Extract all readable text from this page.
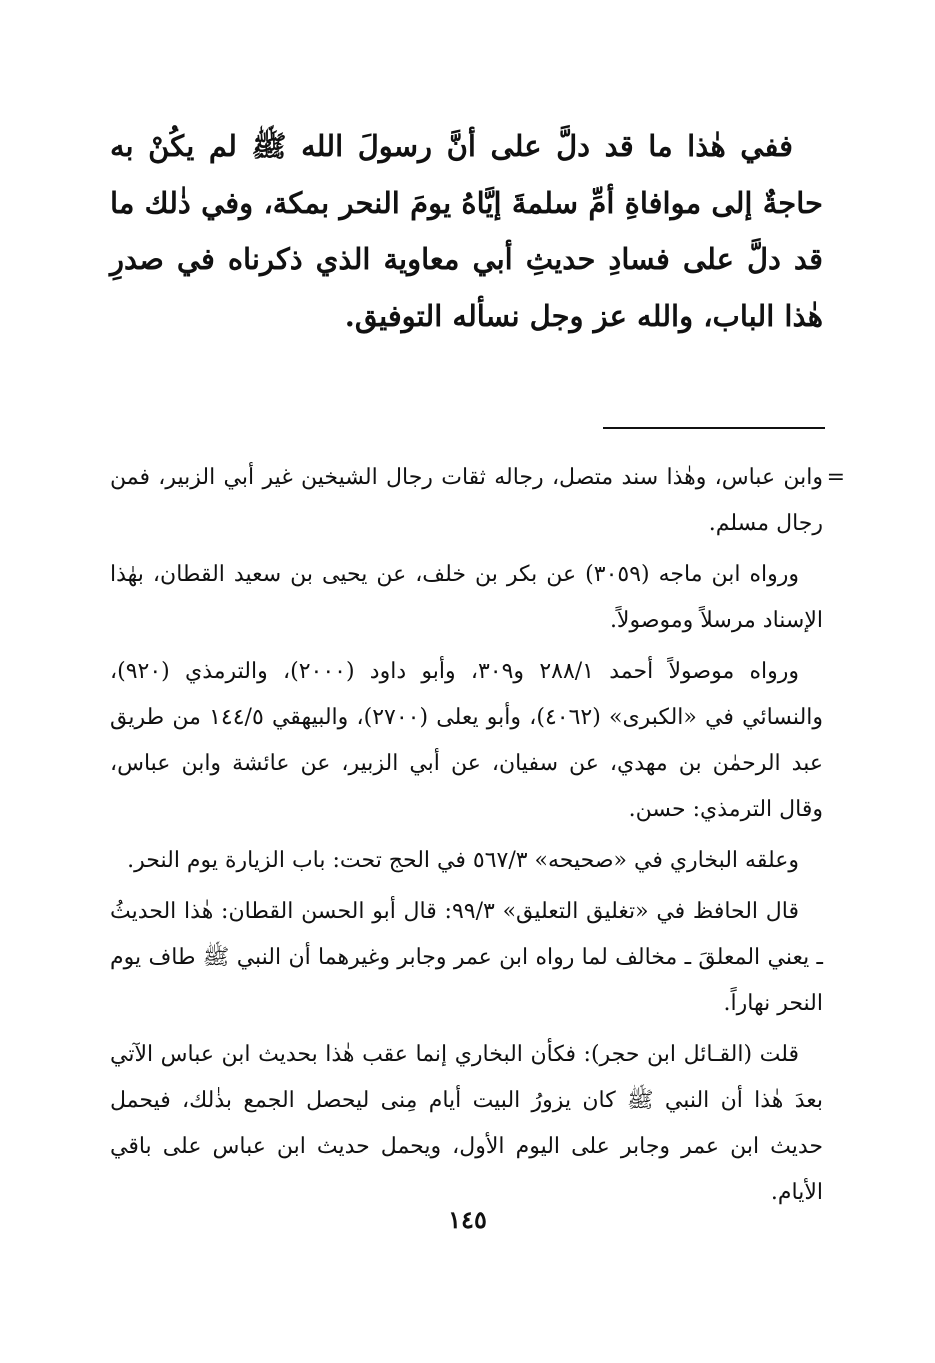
ففي هٰذا ما قد دلَّ على أنَّ رسولَ الله ﷺ لم يكُنْ به حاجةٌ إلى موافاةِ أمِّ سلمةَ إيَّاهُ يومَ النحر بمكة، وفي ذٰلك ما قد دلَّ على فسادِ حديثِ أبي معاوية الذي ذكرناه في صدرِ هٰذا الباب، والله عز وجل نسأله التوفيق.

=

وابن عباس، وهٰذا سند متصل، رجاله ثقات رجال الشيخين غير أبي الزبير، فمن رجال مسلم.

ورواه ابن ماجه (٣٠٥٩) عن بكر بن خلف، عن يحيى بن سعيد القطان، بهٰذا الإسناد مرسلاً وموصولاً.

ورواه موصولاً أحمد ٢٨٨/١ و٣٠٩، وأبو داود (٢٠٠٠)، والترمذي (٩٢٠)، والنسائي في «الكبرى» (٤٠٦٢)، وأبو يعلى (٢٧٠٠)، والبيهقي ١٤٤/٥ من طريق عبد الرحمٰن بن مهدي، عن سفيان، عن أبي الزبير، عن عائشة وابن عباس، وقال الترمذي: حسن.

وعلقه البخاري في «صحيحه» ٥٦٧/٣ في الحج تحت: باب الزيارة يوم النحر.

قال الحافظ في «تغليق التعليق» ٩٩/٣: قال أبو الحسن القطان: هٰذا الحديثُ ـ يعني المعلقَ ـ مخالف لما رواه ابن عمر وجابر وغيرهما أن النبي ﷺ طاف يوم النحر نهاراً.

قلت (القـائل ابن حجر): فكأن البخاري إنما عقب هٰذا بحديث ابن عباس الآتي بعدَ هٰذا أن النبي ﷺ كان يزورُ البيت أيام مِنى ليحصل الجمع بذٰلك، فيحمل حديث ابن عمر وجابر على اليوم الأول، ويحمل حديث ابن عباس على باقي الأيام.

١٤٥
